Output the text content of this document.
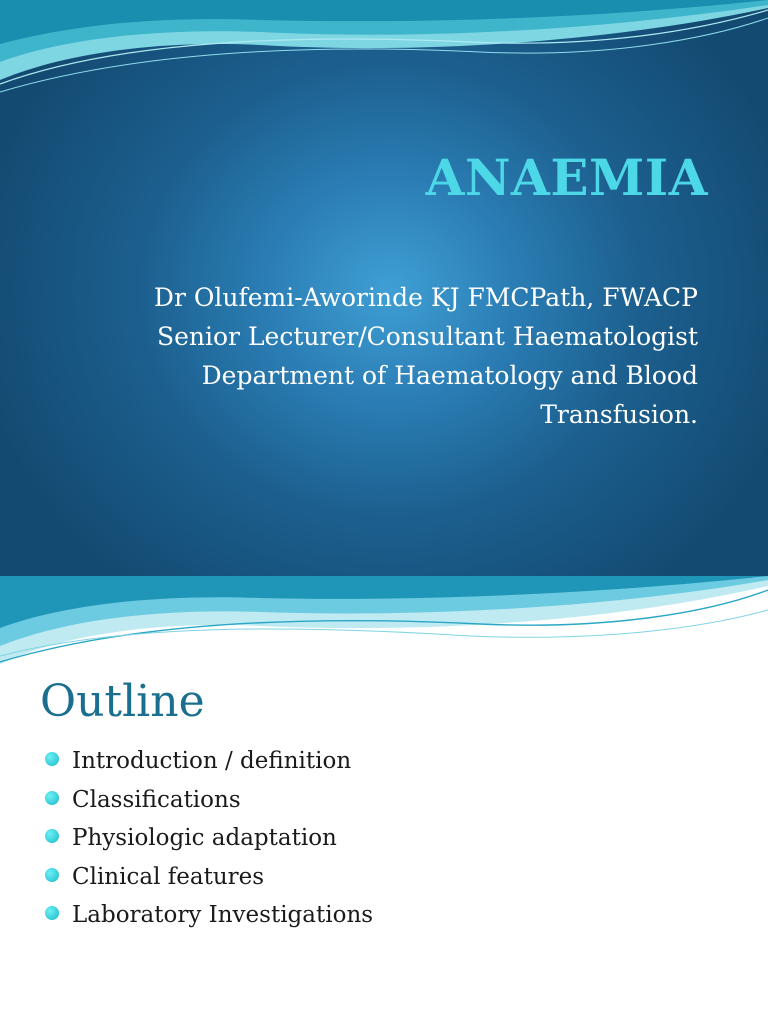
ANAEMIA
Dr Olufemi-Aworinde KJ FMCPath, FWACP
Senior Lecturer/Consultant Haematologist
Department of Haematology and Blood
Transfusion.
Outline
Introduction / definition
Classifications
Physiologic adaptation
Clinical features
Laboratory Investigations
